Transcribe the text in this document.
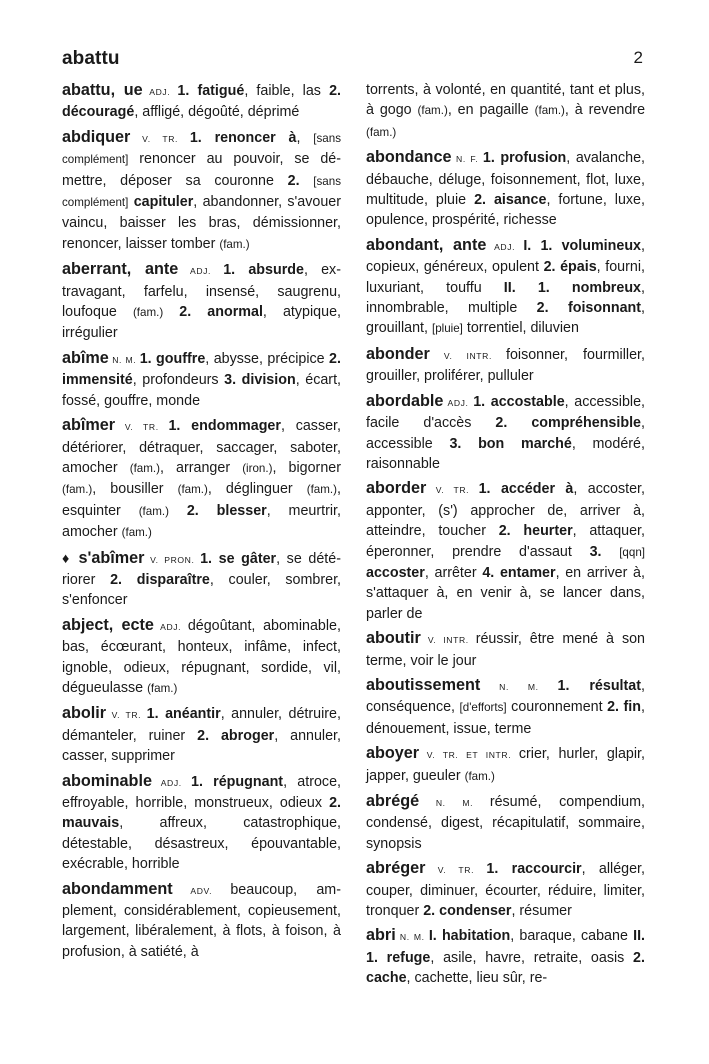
abattu	2

abattu, ue ADJ. 1. fatigué, faible, las 2. découragé, affligé, dégoûté, déprimé

abdiquer V. TR. 1. renoncer à, [sans complément] renoncer au pouvoir, se démettre, déposer sa couronne 2. [sans complément] capituler, abandonner, s'avouer vaincu, baisser les bras, démissionner, renoncer, laisser tomber (fam.)

aberrant, ante ADJ. 1. absurde, extravagant, farfelu, insensé, saugrenu, loufoque (fam.) 2. anormal, atypique, irrégulier

abîme N. M. 1. gouffre, abysse, précipice 2. immensité, profondeurs 3. division, écart, fossé, gouffre, monde

abîmer V. TR. 1. endommager, casser, détériorer, détraquer, saccager, saboter, amocher (fam.), arranger (iron.), bigorner (fam.), bousiller (fam.), déglinguer (fam.), esquinter (fam.) 2. blesser, meurtrir, amocher (fam.)

♦ s'abîmer V. PRON. 1. se gâter, se détériorer 2. disparaître, couler, sombrer, s'enfoncer

abject, ecte ADJ. dégoûtant, abominable, bas, écœurant, honteux, infâme, infect, ignoble, odieux, répugnant, sordide, vil, dégueulasse (fam.)

abolir V. TR. 1. anéantir, annuler, détruire, démanteler, ruiner 2. abroger, annuler, casser, supprimer

abominable ADJ. 1. répugnant, atroce, effroyable, horrible, monstrueux, odieux 2. mauvais, affreux, catastrophique, détestable, désastreux, épouvantable, exécrable, horrible

abondamment ADV. beaucoup, amplement, considérablement, copieusement, largement, libéralement, à flots, à foison, à profusion, à satiété, à

torrents, à volonté, en quantité, tant et plus, à gogo (fam.), en pagaille (fam.), à revendre (fam.)

abondance N. F. 1. profusion, avalanche, débauche, déluge, foisonnement, flot, luxe, multitude, pluie 2. aisance, fortune, luxe, opulence, prospérité, richesse

abondant, ante ADJ. I. 1. volumineux, copieux, généreux, opulent 2. épais, fourni, luxuriant, touffu II. 1. nombreux, innombrable, multiple 2. foisonnant, grouillant, [pluie] torrentiel, diluvien

abonder V. INTR. foisonner, fourmiller, grouiller, proliférer, pulluler

abordable ADJ. 1. accostable, accessible, facile d'accès 2. compréhensible, accessible 3. bon marché, modéré, raisonnable

aborder V. TR. 1. accéder à, accoster, apponter, (s') approcher de, arriver à, atteindre, toucher 2. heurter, attaquer, éperonner, prendre d'assaut 3. [qqn] accoster, arrêter 4. entamer, en arriver à, s'attaquer à, en venir à, se lancer dans, parler de

aboutir V. INTR. réussir, être mené à son terme, voir le jour

aboutissement N. M. 1. résultat, conséquence, [d'efforts] couronnement 2. fin, dénouement, issue, terme

aboyer V. TR. ET INTR. crier, hurler, glapir, japper, gueuler (fam.)

abrégé N. M. résumé, compendium, condensé, digest, récapitulatif, sommaire, synopsis

abréger V. TR. 1. raccourcir, alléger, couper, diminuer, écourter, réduire, limiter, tronquer 2. condenser, résumer

abri N. M. I. habitation, baraque, cabane II. 1. refuge, asile, havre, retraite, oasis 2. cache, cachette, lieu sûr, re-
